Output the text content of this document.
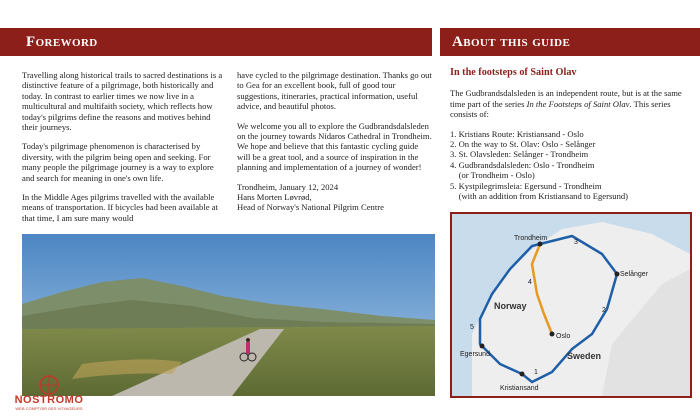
Foreword	About this guide

Travelling along historical trails to sacred destinations is a distinctive feature of a pilgrimage, both historically and today. In contrast to earlier times we now live in a multicultural and multifaith society, which reflects how today's pilgrims define the reasons and motives behind their journeys.

Today's pilgrimage phenomenon is characterised by diversity, with the pilgrim being open and seeking. For many people the pilgrimage journey is a way to explore and search for meaning in one's own life.

In the Middle Ages pilgrims travelled with the available means of transportation. If bicycles had been available at that time, I am sure many would

have cycled to the pilgrimage destination. Thanks go out to Gea for an excellent book, full of good tour suggestions, itineraries, practical information, useful advice, and beautiful photos.

We welcome you all to explore the Gudbrandsdalsleden on the journey towards Nidaros Cathedral in Trondheim. We hope and believe that this fantastic cycling guide will be a great tool, and a source of inspiration in the planning and implementation of a journey of wonder!

Trondheim, January 12, 2024
Hans Morten Løvrød,
Head of Norway's National Pilgrim Centre
In the footsteps of Saint Olav

The Gudbrandsdalsleden is an independent route, but is at the same time part of the series In the Footsteps of Saint Olav. This series consists of:

1. Kristians Route: Kristiansand - Oslo
2. On the way to St. Olav: Oslo - Selånger
3. St. Olavsleden: Selånger - Trondheim
4. Gudbrandsdalsleden: Oslo - Trondheim
(or Trondheim - Oslo)
5. Kystpilegrimsleia: Egersund - Trondheim
(with an addition from Kristiansand to Egersund)
Trondheim
Selånger
Norway
Sweden
Oslo
Egersund
Kristiansand
1
2
3
4
5
NOSTROMO
WEB COMPTOIR DES VOYAGEURS
